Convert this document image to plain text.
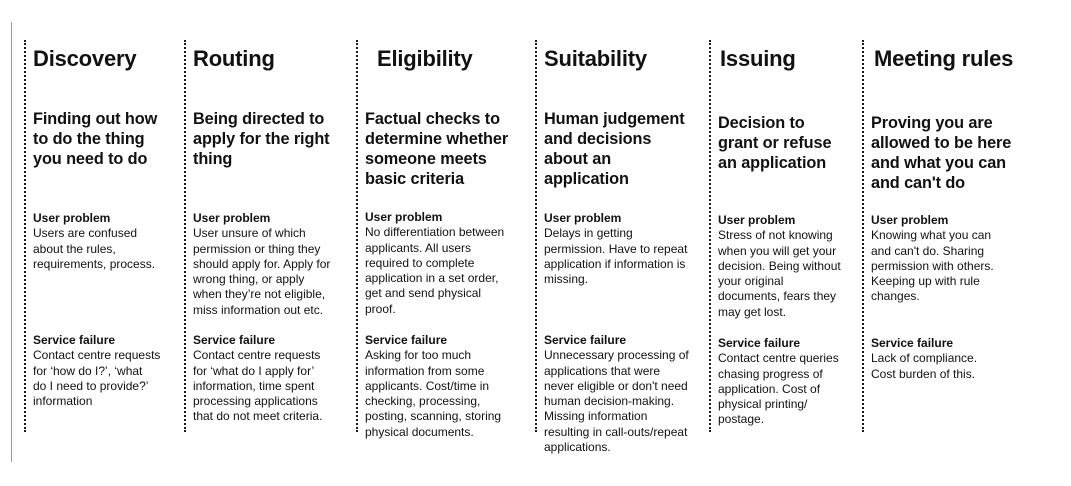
Discovery
Finding out how
to do the thing
you need to do
User problem
Users are confused
about the rules,
requirements, process.
Service failure
Contact centre requests
for ‘how do I?’, ‘what
do I need to provide?’
information
Routing
Being directed to
apply for the right
thing
User problem
User unsure of which
permission or thing they
should apply for. Apply for
wrong thing, or apply
when they’re not eligible,
miss information out etc.
Service failure
Contact centre requests
for ‘what do I apply for’
information, time spent
processing applications
that do not meet criteria.
Eligibility
Factual checks to
determine whether
someone meets
basic criteria
User problem
No differentiation between
applicants. All users
required to complete
application in a set order,
get and send physical
proof.
Service failure
Asking for too much
information from some
applicants. Cost/time in
checking, processing,
posting, scanning, storing
physical documents.
Suitability
Human judgement
and decisions
about an
application
User problem
Delays in getting
permission. Have to repeat
application if information is
missing.
Service failure
Unnecessary processing of
applications that were
never eligible or don't need
human decision-making.
Missing information
resulting in call-outs/repeat
applications.
Issuing
Decision to
grant or refuse
an application
User problem
Stress of not knowing
when you will get your
decision. Being without
your original
documents, fears they
may get lost.
Service failure
Contact centre queries
chasing progress of
application. Cost of
physical printing/
postage.
Meeting rules
Proving you are
allowed to be here
and what you can
and can't do
User problem
Knowing what you can
and can't do. Sharing
permission with others.
Keeping up with rule
changes.
Service failure
Lack of compliance.
Cost burden of this.
